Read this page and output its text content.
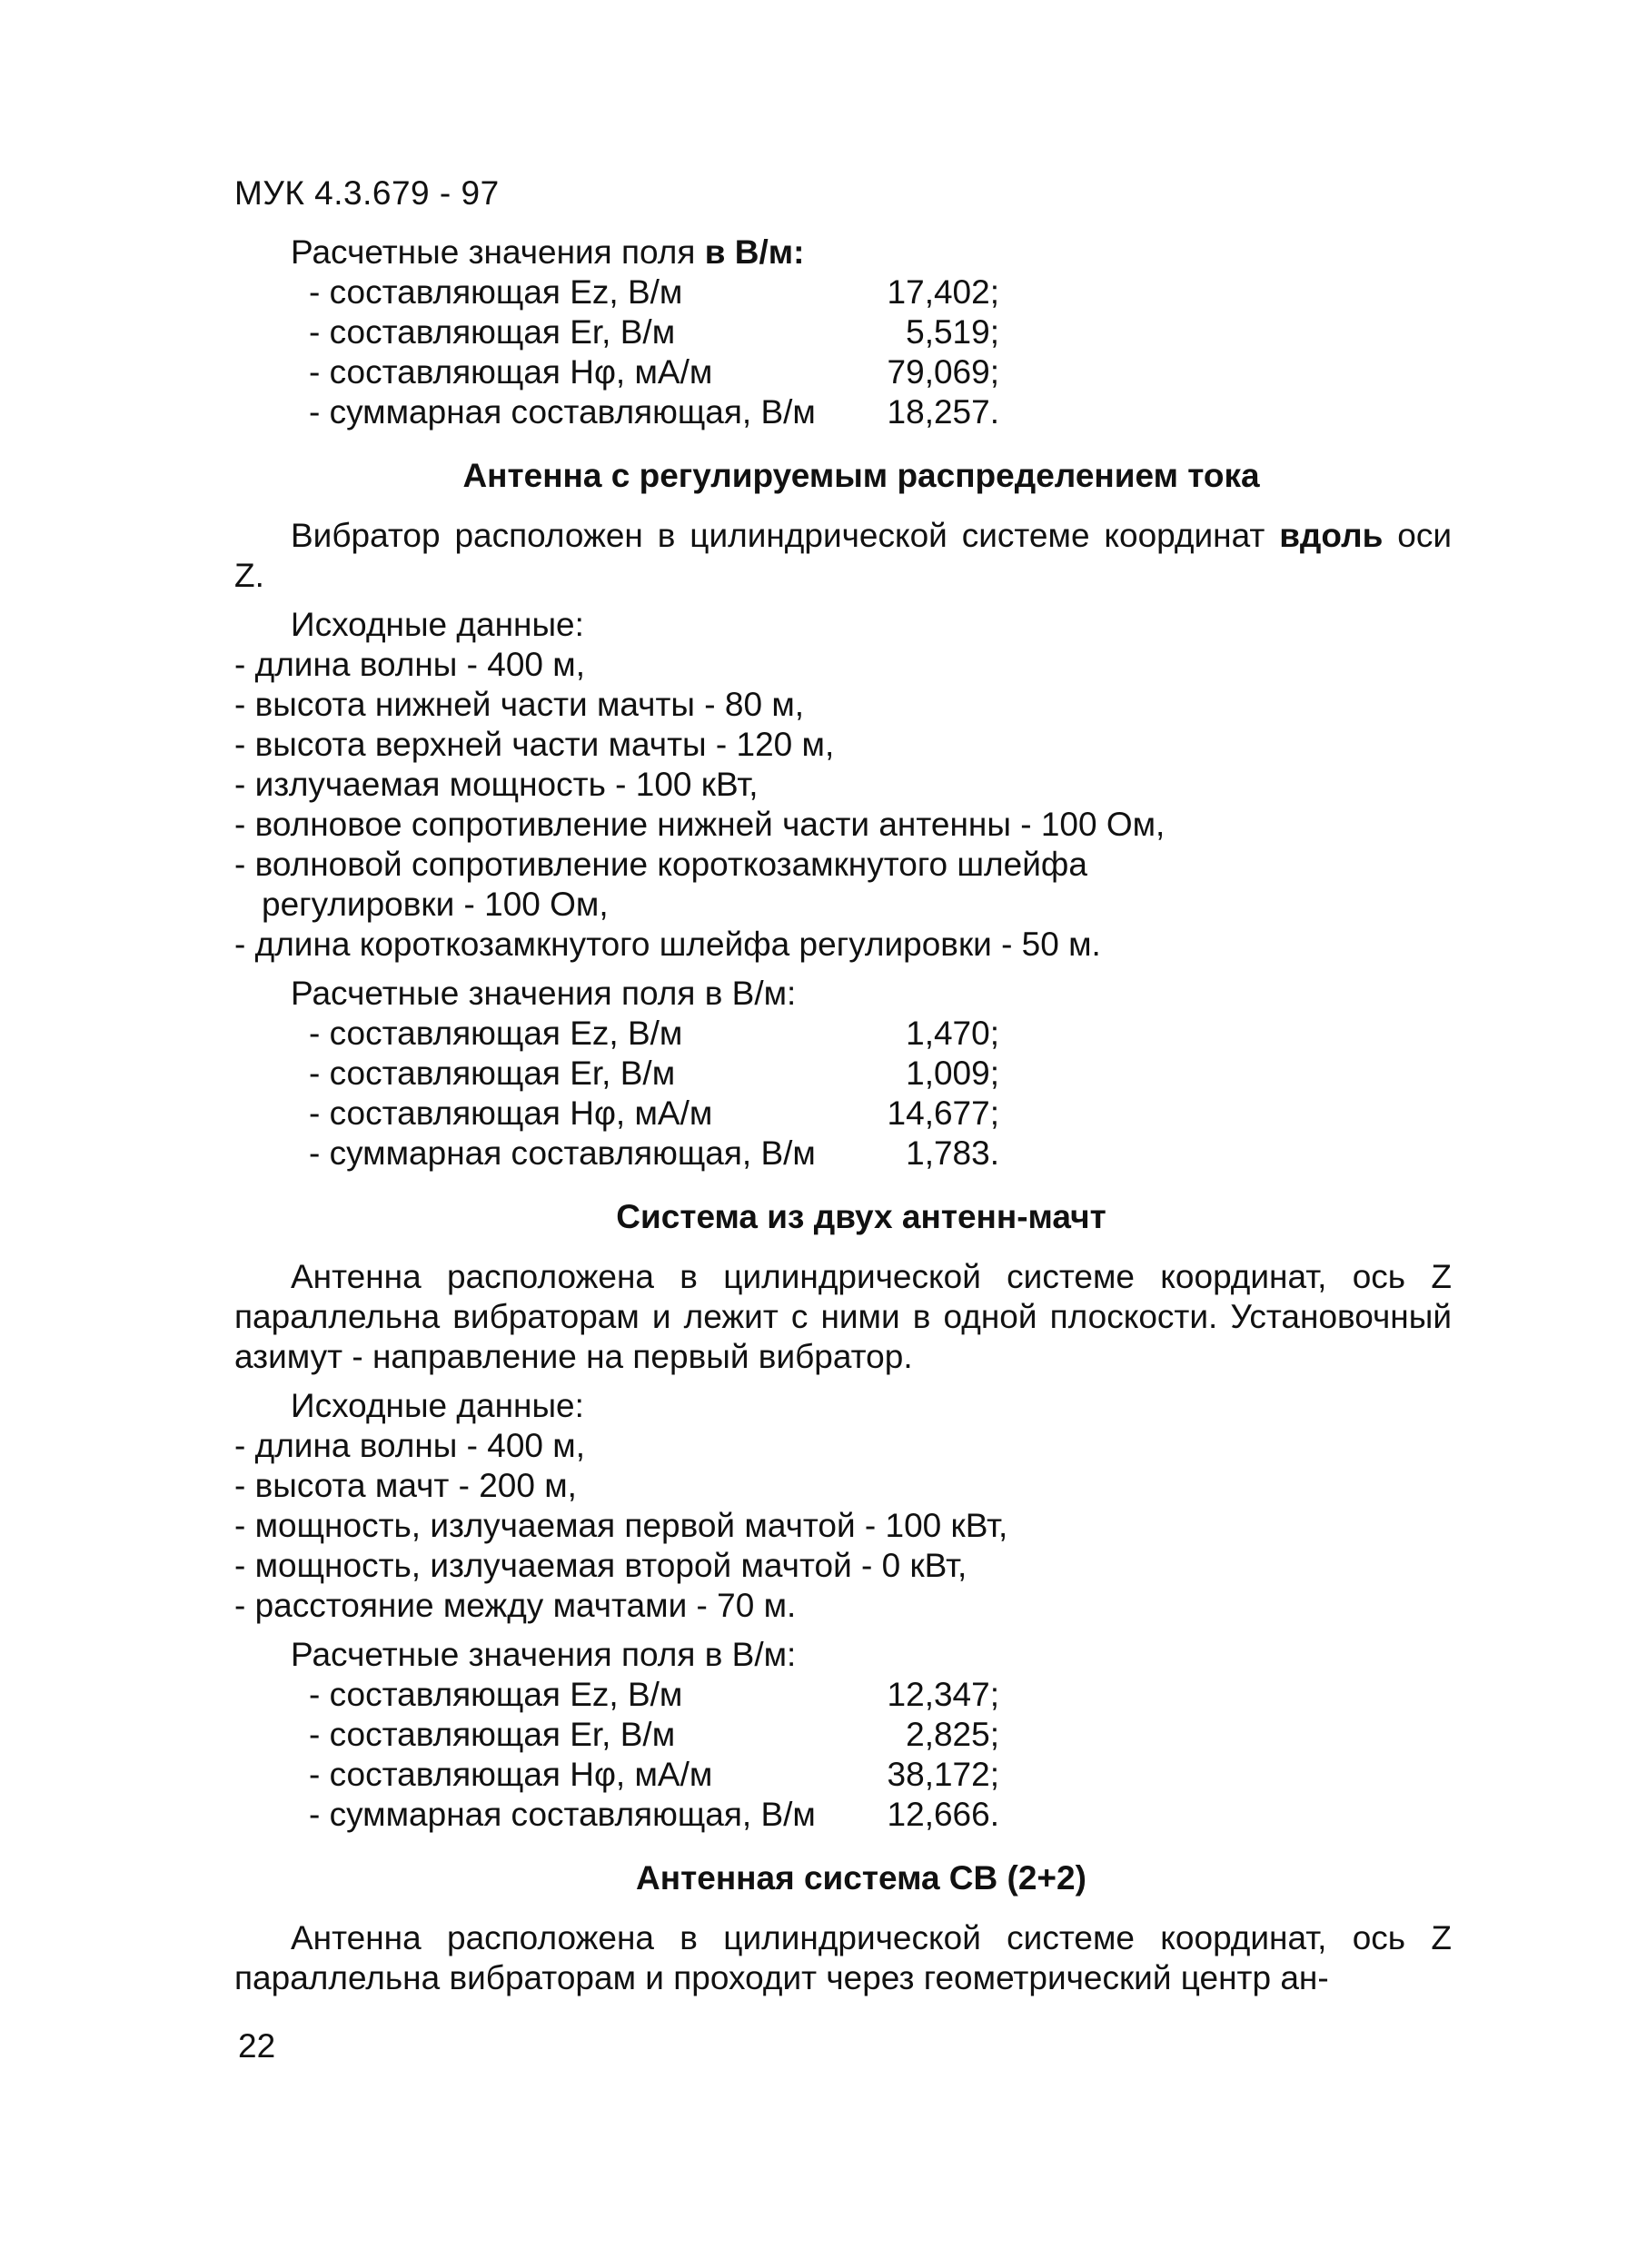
МУК 4.3.679 - 97
Расчетные значения поля в В/м:
- составляющая Ez, В/м	17,402;
- составляющая Er, В/м	5,519;
- составляющая Hφ, мА/м	79,069;
- суммарная составляющая, В/м	18,257.
Антенна с регулируемым распределением тока
Вибратор расположен в цилиндрической системе координат вдоль оси Z.
Исходные данные:
- длина волны - 400 м,
- высота нижней части мачты - 80 м,
- высота верхней части мачты - 120 м,
- излучаемая мощность - 100 кВт,
- волновое сопротивление нижней части антенны - 100 Ом,
- волновой сопротивление короткозамкнутого шлейфа
регулировки - 100 Ом,
- длина короткозамкнутого шлейфа регулировки - 50 м.
Расчетные значения поля в В/м:
- составляющая Ez, В/м	1,470;
- составляющая Er, В/м	1,009;
- составляющая Hφ, мА/м	14,677;
- суммарная составляющая, В/м	1,783.
Система из двух антенн-мачт
Антенна расположена в цилиндрической системе координат, ось Z параллельна вибраторам и лежит с ними в одной плоскости. Установочный азимут - направление на первый вибратор.
Исходные данные:
- длина волны - 400 м,
- высота мачт - 200 м,
- мощность, излучаемая первой мачтой - 100 кВт,
- мощность, излучаемая второй мачтой - 0 кВт,
- расстояние между мачтами - 70 м.
Расчетные значения поля в В/м:
- составляющая Ez, В/м	12,347;
- составляющая Er, В/м	2,825;
- составляющая Hφ, мА/м	38,172;
- суммарная составляющая, В/м	12,666.
Антенная система СВ (2+2)
Антенна расположена в цилиндрической системе координат, ось Z параллельна вибраторам и проходит через геометрический центр ан-
22
